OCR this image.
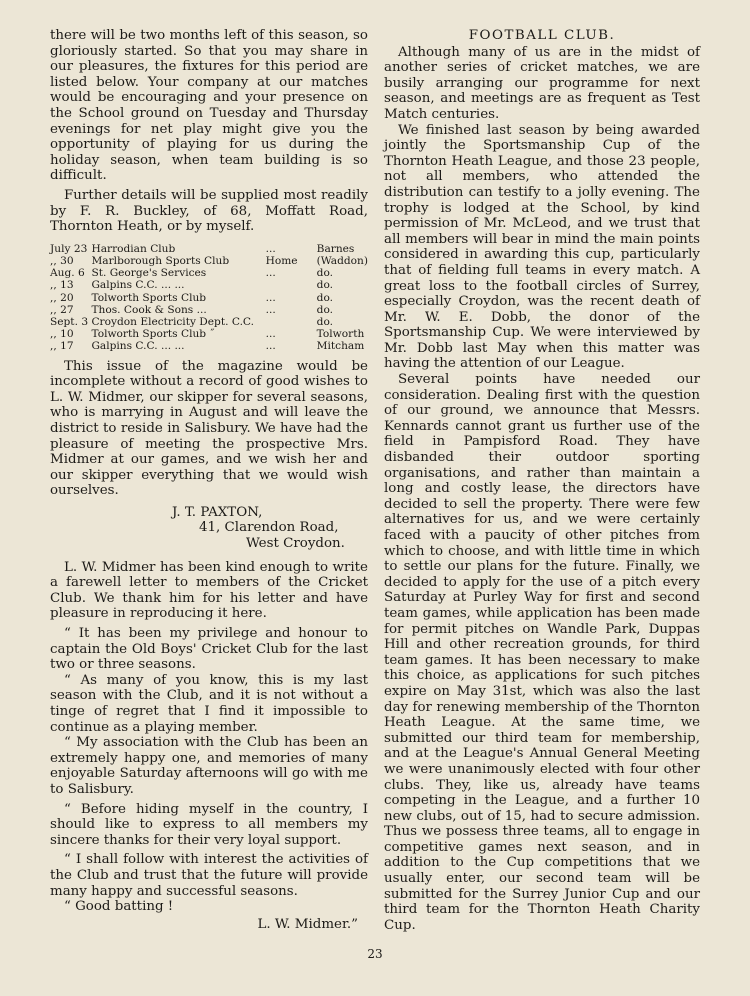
there will be two months left of this season, so gloriously started. So that you may share in our pleasures, the fixtures for this period are listed below. Your company at our matches would be encouraging and your presence on the School ground on Tuesday and Thursday evenings for net play might give you the opportunity of playing for us during the holiday season, when team building is so difficult.

Further details will be supplied most readily by F. R. Buckley, of 68, Moffatt Road, Thornton Heath, or by myself.

July 23	Harrodian Club	...	Barnes
,, 30	Marlborough Sports Club	Home	(Waddon)
Aug. 6	St. George's Services	...	do.
,, 13	Galpins C.C. ... ...		do.
,, 20	Tolworth Sports Club	...	do.
,, 27	Thos. Cook & Sons ...	...	do.
Sept. 3	Croydon Electricity Dept. C.C.		do.
,, 10	Tolworth Sports Club ˝	...	Tolworth
,, 17	Galpins C.C. ... ...	...	Mitcham

This issue of the magazine would be incomplete without a record of good wishes to L. W. Midmer, our skipper for several seasons, who is marrying in August and will leave the district to reside in Salisbury. We have had the pleasure of meeting the prospective Mrs. Midmer at our games, and we wish her and our skipper everything that we would wish ourselves.

J. T. PAXTON,
41, Clarendon Road,
West Croydon.

L. W. Midmer has been kind enough to write a farewell letter to members of the Cricket Club. We thank him for his letter and have pleasure in reproducing it here.

“ It has been my privilege and honour to captain the Old Boys' Cricket Club for the last two or three seasons.

“ As many of you know, this is my last season with the Club, and it is not without a tinge of regret that I find it impossible to continue as a playing member.

“ My association with the Club has been an extremely happy one, and memories of many enjoyable Saturday afternoons will go with me to Salisbury.

“ Before hiding myself in the country, I should like to express to all members my sincere thanks for their very loyal support.

“ I shall follow with interest the activities of the Club and trust that the future will provide many happy and successful seasons.

“ Good batting !

L. W. Midmer.”

FOOTBALL CLUB.

Although many of us are in the midst of another series of cricket matches, we are busily arranging our programme for next season, and meetings are as frequent as Test Match centuries.

We finished last season by being awarded jointly the Sportsmanship Cup of the Thornton Heath League, and those 23 people, not all members, who attended the distribution can testify to a jolly evening. The trophy is lodged at the School, by kind permission of Mr. McLeod, and we trust that all members will bear in mind the main points considered in awarding this cup, particularly that of fielding full teams in every match. A great loss to the football circles of Surrey, especially Croydon, was the recent death of Mr. W. E. Dobb, the donor of the Sportsmanship Cup. We were interviewed by Mr. Dobb last May when this matter was having the attention of our League.

Several points have needed our consideration. Dealing first with the question of our ground, we announce that Messrs. Kennards cannot grant us further use of the field in Pampisford Road. They have disbanded their outdoor sporting organisations, and rather than maintain a long and costly lease, the directors have decided to sell the property. There were few alternatives for us, and we were certainly faced with a paucity of other pitches from which to choose, and with little time in which to settle our plans for the future. Finally, we decided to apply for the use of a pitch every Saturday at Purley Way for first and second team games, while application has been made for permit pitches on Wandle Park, Duppas Hill and other recreation grounds, for third team games. It has been necessary to make this choice, as applications for such pitches expire on May 31st, which was also the last day for renewing membership of the Thornton Heath League. At the same time, we submitted our third team for membership, and at the League's Annual General Meeting we were unanimously elected with four other clubs. They, like us, already have teams competing in the League, and a further 10 new clubs, out of 15, had to secure admission. Thus we possess three teams, all to engage in competitive games next season, and in addition to the Cup competitions that we usually enter, our second team will be submitted for the Surrey Junior Cup and our third team for the Thornton Heath Charity Cup.

23
